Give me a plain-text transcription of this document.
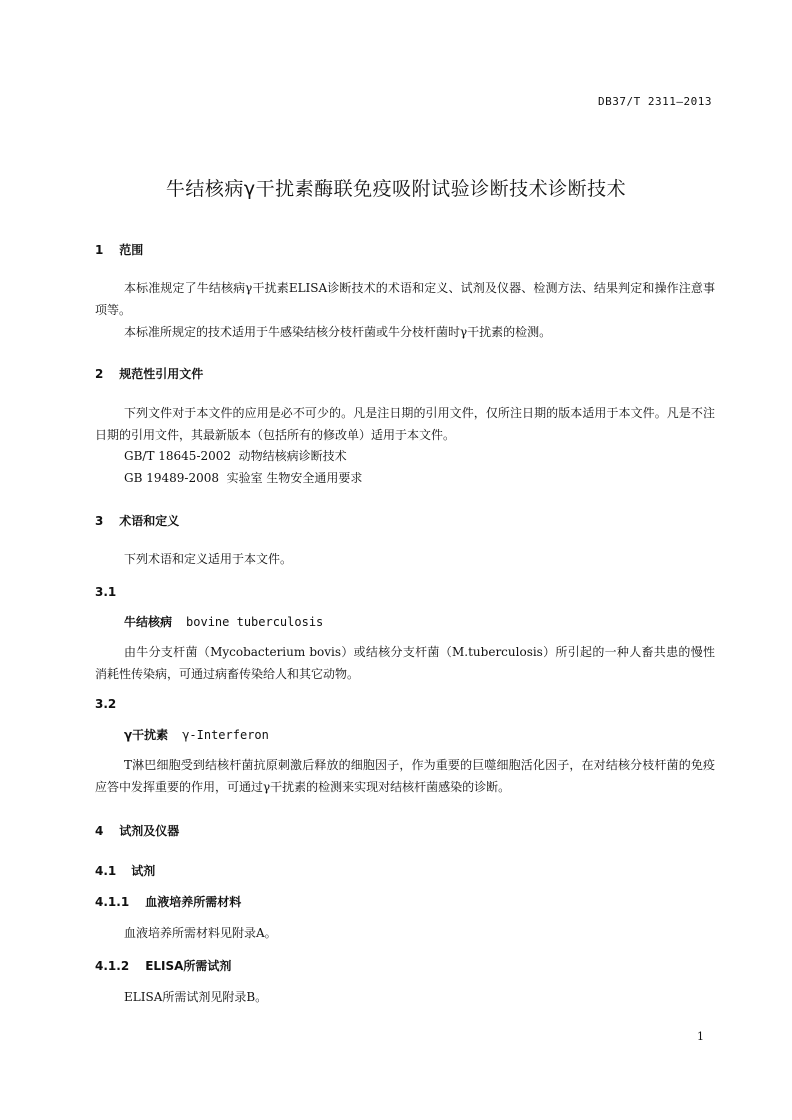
DB37/T 2311—2013
牛结核病γ干扰素酶联免疫吸附试验诊断技术诊断技术
1 范围
本标准规定了牛结核病γ干扰素ELISA诊断技术的术语和定义、试剂及仪器、检测方法、结果判定和操作注意事项等。
本标准所规定的技术适用于牛感染结核分枝杆菌或牛分枝杆菌时γ干扰素的检测。
2 规范性引用文件
下列文件对于本文件的应用是必不可少的。凡是注日期的引用文件，仅所注日期的版本适用于本文件。凡是不注日期的引用文件，其最新版本（包括所有的修改单）适用于本文件。
GB/T 18645-2002  动物结核病诊断技术
GB 19489-2008  实验室 生物安全通用要求
3 术语和定义
下列术语和定义适用于本文件。
3.1
牛结核病 bovine tuberculosis
由牛分支杆菌（Mycobacterium bovis）或结核分支杆菌（M.tuberculosis）所引起的一种人畜共患的慢性消耗性传染病，可通过病畜传染给人和其它动物。
3.2
γ干扰素 γ-Interferon
T淋巴细胞受到结核杆菌抗原刺激后释放的细胞因子，作为重要的巨噬细胞活化因子，在对结核分枝杆菌的免疫应答中发挥重要的作用，可通过γ干扰素的检测来实现对结核杆菌感染的诊断。
4 试剂及仪器
4.1 试剂
4.1.1 血液培养所需材料
血液培养所需材料见附录A。
4.1.2 ELISA所需试剂
ELISA所需试剂见附录B。
1
